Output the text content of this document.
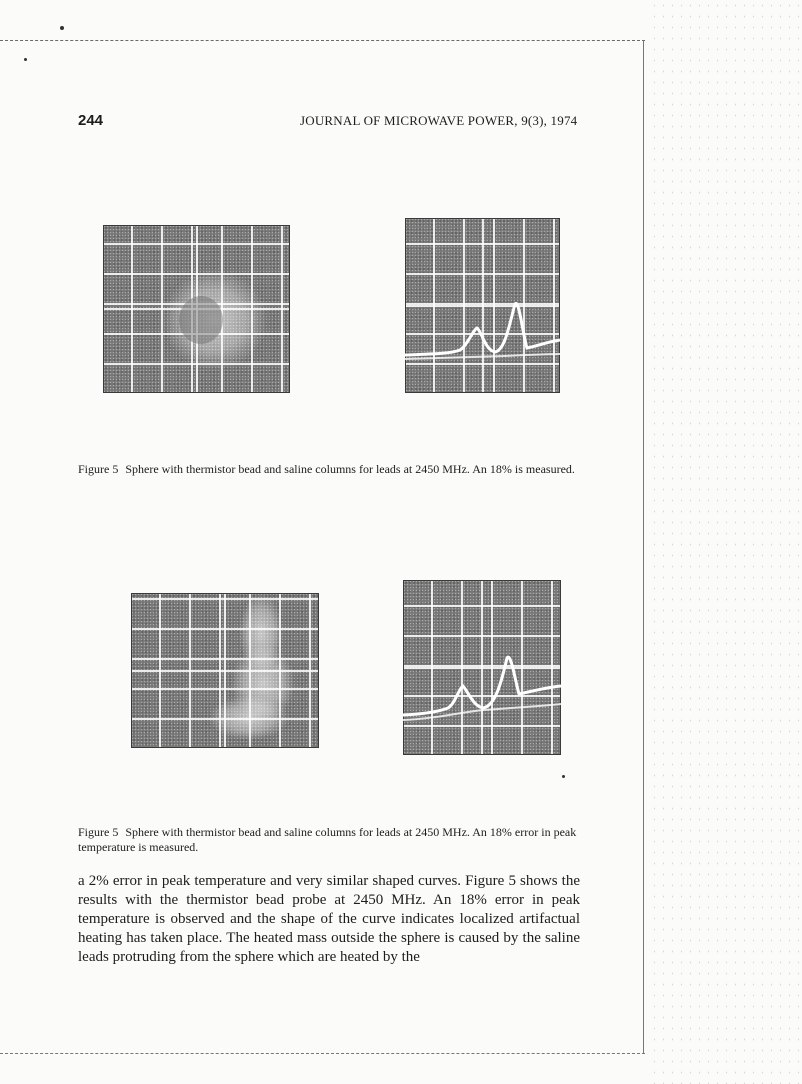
244	JOURNAL OF MICROWAVE POWER, 9(3), 1974
Figure 5 Sphere with thermistor bead and saline columns for leads at 2450 MHz. An 18% is measured.
Figure 5 Sphere with thermistor bead and saline columns for leads at 2450 MHz. An 18% error in peak temperature is measured.
a 2% error in peak temperature and very similar shaped curves. Figure 5 shows the results with the thermistor bead probe at 2450 MHz. An 18% error in peak temperature is observed and the shape of the curve indicates localized artifactual heating has taken place. The heated mass outside the sphere is caused by the saline leads protruding from the sphere which are heated by the
